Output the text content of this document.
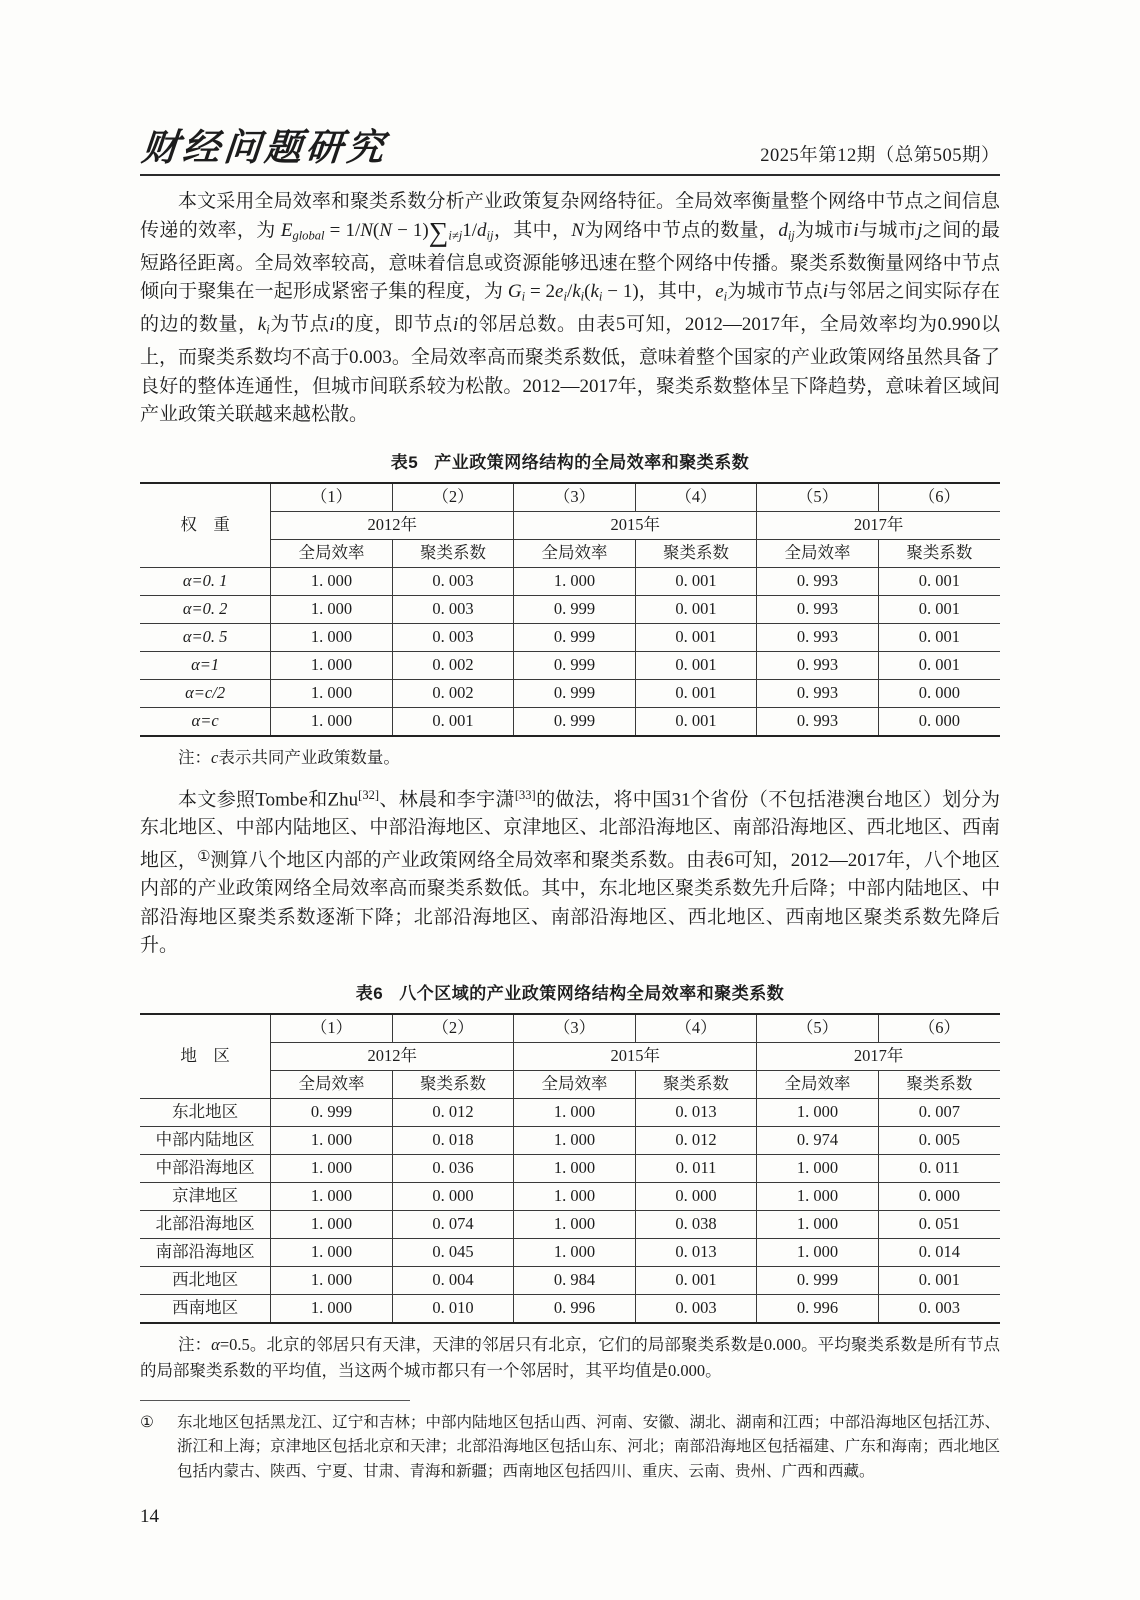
财经问题研究	2025年第12期（总第505期）

本文采用全局效率和聚类系数分析产业政策复杂网络特征。全局效率衡量整个网络中节点之间信息传递的效率，为 Eglobal = 1/N(N − 1)∑i≠j1/dij，其中，N为网络中节点的数量，dij为城市i与城市j之间的最短路径距离。全局效率较高，意味着信息或资源能够迅速在整个网络中传播。聚类系数衡量网络中节点倾向于聚集在一起形成紧密子集的程度，为 Gi = 2ei/ki(ki − 1)，其中，ei为城市节点i与邻居之间实际存在的边的数量，ki为节点i的度，即节点i的邻居总数。由表5可知，2012—2017年，全局效率均为0.990以上，而聚类系数均不高于0.003。全局效率高而聚类系数低，意味着整个国家的产业政策网络虽然具备了良好的整体连通性，但城市间联系较为松散。2012—2017年，聚类系数整体呈下降趋势，意味着区域间产业政策关联越来越松散。

表5 产业政策网络结构的全局效率和聚类系数
权　重	（1）	（2）	（3）	（4）	（5）	（6）
	2012年		2015年		2017年	
	全局效率	聚类系数	全局效率	聚类系数	全局效率	聚类系数
α=0. 1	1. 000	0. 003	1. 000	0. 001	0. 993	0. 001
α=0. 2	1. 000	0. 003	0. 999	0. 001	0. 993	0. 001
α=0. 5	1. 000	0. 003	0. 999	0. 001	0. 993	0. 001
α=1	1. 000	0. 002	0. 999	0. 001	0. 993	0. 001
α=c/2	1. 000	0. 002	0. 999	0. 001	0. 993	0. 000
α=c	1. 000	0. 001	0. 999	0. 001	0. 993	0. 000

注：c表示共同产业政策数量。

本文参照Tombe和Zhu[32]、林晨和李宇潇[33]的做法，将中国31个省份（不包括港澳台地区）划分为东北地区、中部内陆地区、中部沿海地区、京津地区、北部沿海地区、南部沿海地区、西北地区、西南地区，①测算八个地区内部的产业政策网络全局效率和聚类系数。由表6可知，2012—2017年，八个地区内部的产业政策网络全局效率高而聚类系数低。其中，东北地区聚类系数先升后降；中部内陆地区、中部沿海地区聚类系数逐渐下降；北部沿海地区、南部沿海地区、西北地区、西南地区聚类系数先降后升。

表6 八个区域的产业政策网络结构全局效率和聚类系数
地　区	（1）	（2）	（3）	（4）	（5）	（6）
	2012年		2015年		2017年	
	全局效率	聚类系数	全局效率	聚类系数	全局效率	聚类系数
东北地区	0. 999	0. 012	1. 000	0. 013	1. 000	0. 007
中部内陆地区	1. 000	0. 018	1. 000	0. 012	0. 974	0. 005
中部沿海地区	1. 000	0. 036	1. 000	0. 011	1. 000	0. 011
京津地区	1. 000	0. 000	1. 000	0. 000	1. 000	0. 000
北部沿海地区	1. 000	0. 074	1. 000	0. 038	1. 000	0. 051
南部沿海地区	1. 000	0. 045	1. 000	0. 013	1. 000	0. 014
西北地区	1. 000	0. 004	0. 984	0. 001	0. 999	0. 001
西南地区	1. 000	0. 010	0. 996	0. 003	0. 996	0. 003

注：α=0.5。北京的邻居只有天津，天津的邻居只有北京，它们的局部聚类系数是0.000。平均聚类系数是所有节点的局部聚类系数的平均值，当这两个城市都只有一个邻居时，其平均值是0.000。

① 东北地区包括黑龙江、辽宁和吉林；中部内陆地区包括山西、河南、安徽、湖北、湖南和江西；中部沿海地区包括江苏、浙江和上海；京津地区包括北京和天津；北部沿海地区包括山东、河北；南部沿海地区包括福建、广东和海南；西北地区包括内蒙古、陕西、宁夏、甘肃、青海和新疆；西南地区包括四川、重庆、云南、贵州、广西和西藏。

14
